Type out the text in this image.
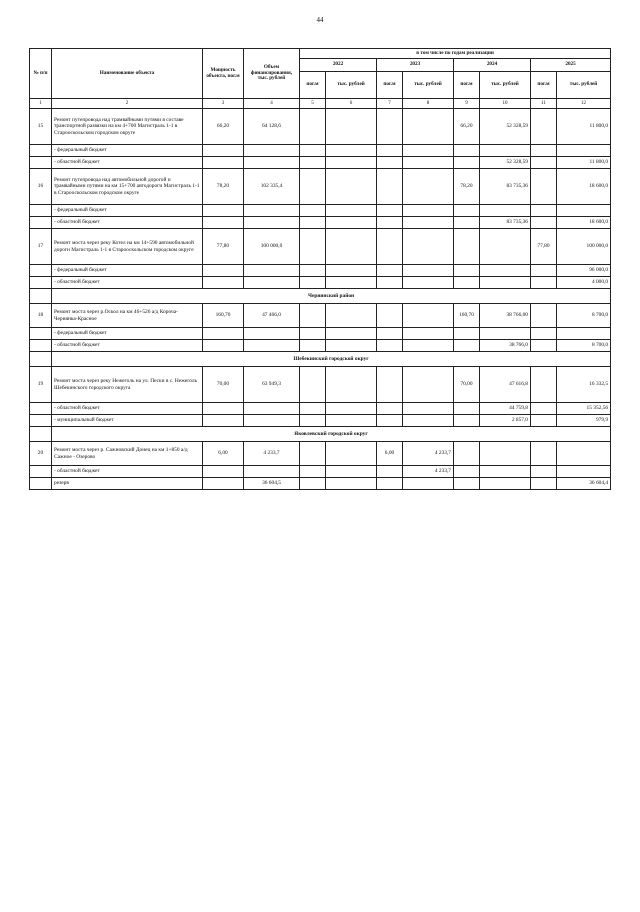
44
№ п/п	Наименование объекта	Мощность объекта, пог.м	Объем финансирования, тыс. рублей	в том числе по годам реализации							
				2022		2023		2024		2025	
				пог.м	тыс. рублей	пог.м	тыс. рублей	пог.м	тыс. рублей	пог.м	тыс. рублей
1	2	3	4	5	6	7	8	9	10	11	12
15	Ремонт путепровода над трамвайными путями в составе транспортной развязки на км 4+700 Магистраль 1-1 в Старооскольском городском округе	66,20	64 128,6					66,20	52 328,59		11 800,0
	- федеральный бюджет										
	- областной бюджет								52 328,59		11 800,0
16	Ремонт путепровода над автомобильной дорогой и трамвайными путями на км 15+700 автодороги Магистраль 1-1 в Старооскольском городском округе	78,20	102 335,4					78,20	83 735,36		18 600,0
	- федеральный бюджет										
	- областной бюджет								83 735,36		18 600,0
17	Ремонт моста через реку Котел на км 14+590 автомобильной дороги Магистраль 1-1 в Старооскольском городском округе	77,80	100 000,0							77,80	100 000,0
	- федеральный бюджет										96 000,0
	- областной бюджет										4 000,0
	Чернянский район										
18	Ремонт моста через р.Оскол на км 46+526 а/д Короча-Чернянка-Красное	160,70	47 466,0					160,70	38 766,00		8 700,0
	- федеральный бюджет										
	- областной бюджет								38 766,0		8 700,0
	Шебекинский городской округ										
19	Ремонт моста через реку Нежеголь на ул. Пески в с. Нежеголь Шебекинского городского округа	70,00	63 949,3					70,00	47 616,8		16 332,5
	- областной бюджет								44 759,8		15 352,56
	- муниципальный бюджет								2 857,0		979,9
	Яковлевский городской округ										
20	Ремонт моста через р. Сажновский Донец на км 1+850 а/д Сажное - Озерово	6,00	4 233,7			6,00	4 233,7				
	- областной бюджет						4 233,7				
	резерв		36 604,5								36 604,4
